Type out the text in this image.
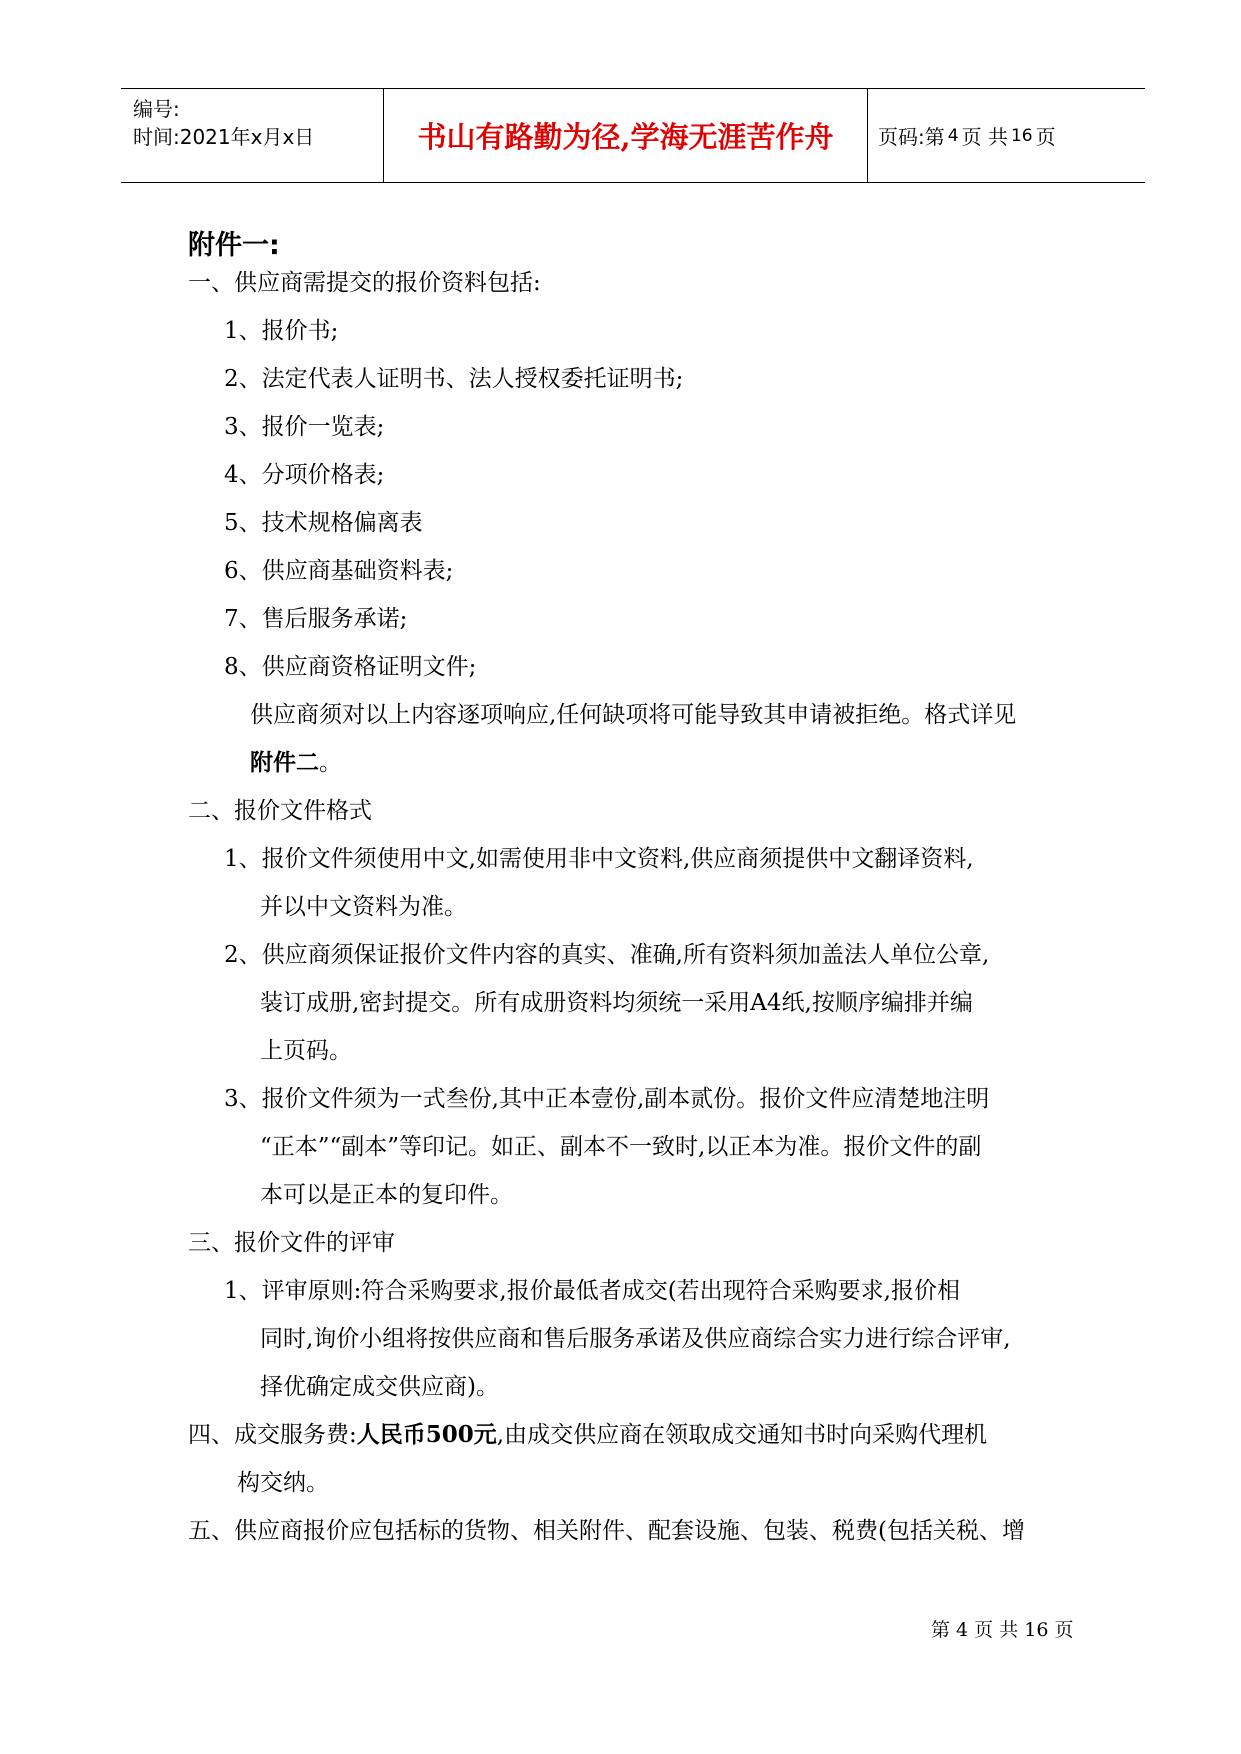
编号:
时间:2021年x月x日	书山有路勤为径,学海无涯苦作舟	页码:第 4 页 共 16 页
附件一:
一、供应商需提交的报价资料包括:
1、报价书;
2、法定代表人证明书、法人授权委托证明书;
3、报价一览表;
4、分项价格表;
5、技术规格偏离表
6、供应商基础资料表;
7、售后服务承诺;
8、供应商资格证明文件;
供应商须对以上内容逐项响应,任何缺项将可能导致其申请被拒绝。格式详见
附件二。
二、报价文件格式
1、报价文件须使用中文,如需使用非中文资料,供应商须提供中文翻译资料,
并以中文资料为准。
2、供应商须保证报价文件内容的真实、准确,所有资料须加盖法人单位公章,
装订成册,密封提交。所有成册资料均须统一采用A4纸,按顺序编排并编
上页码。
3、报价文件须为一式叁份,其中正本壹份,副本贰份。报价文件应清楚地注明
“正本”“副本”等印记。如正、副本不一致时,以正本为准。报价文件的副
本可以是正本的复印件。
三、报价文件的评审
1、评审原则:符合采购要求,报价最低者成交(若出现符合采购要求,报价相
同时,询价小组将按供应商和售后服务承诺及供应商综合实力进行综合评审,
择优确定成交供应商)。
四、成交服务费:人民币500元,由成交供应商在领取成交通知书时向采购代理机
构交纳。
五、供应商报价应包括标的货物、相关附件、配套设施、包装、税费(包括关税、增
第 4 页 共 16 页
